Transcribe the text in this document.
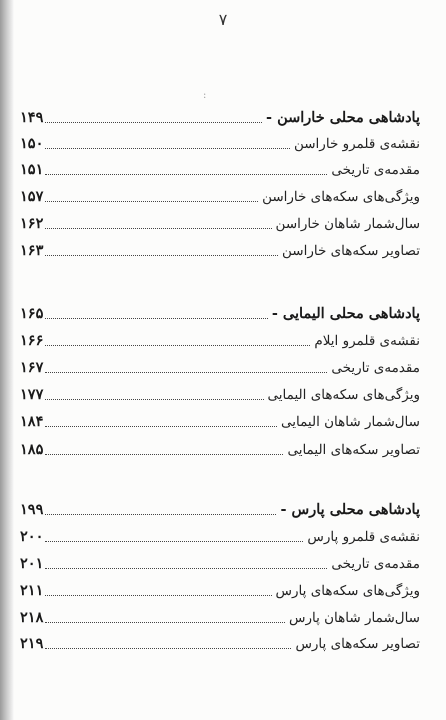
۷
:
- پادشاهی محلی خاراسن
۱۴۹
نقشه‌ی قلمرو خاراسن
۱۵۰
مقدمه‌ی تاریخی
۱۵۱
ویژگی‌های سکه‌های خاراسن
۱۵۷
سال‌شمار شاهان خاراسن
۱۶۲
تصاویر سکه‌های خاراسن
۱۶۳
- پادشاهی محلی الیمایی
۱۶۵
نقشه‌ی قلمرو ایلام
۱۶۶
مقدمه‌ی تاریخی
۱۶۷
ویژگی‌های سکه‌های الیمایی
۱۷۷
سال‌شمار شاهان الیمایی
۱۸۴
تصاویر سکه‌های الیمایی
۱۸۵
- پادشاهی محلی پارس
۱۹۹
نقشه‌ی قلمرو پارس
۲۰۰
مقدمه‌ی تاریخی
۲۰۱
ویژگی‌های سکه‌های پارس
۲۱۱
سال‌شمار شاهان پارس
۲۱۸
تصاویر سکه‌های پارس
۲۱۹
